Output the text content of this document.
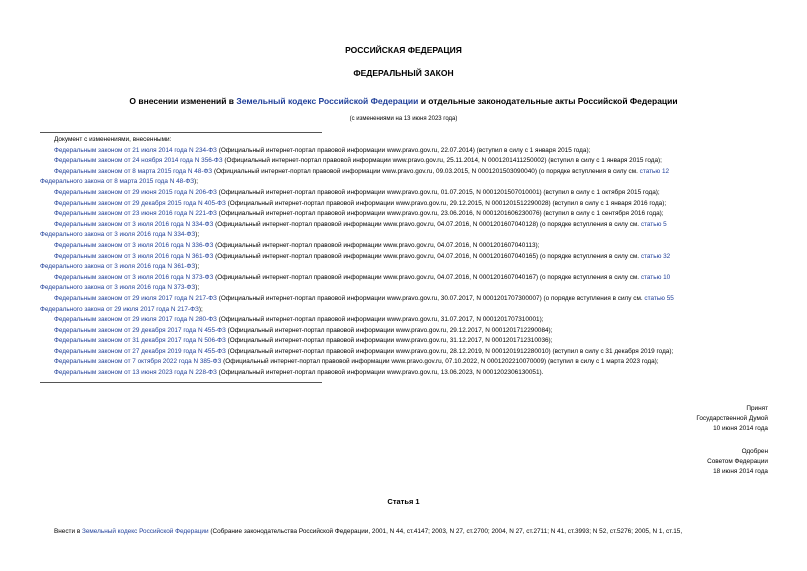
РОССИЙСКАЯ ФЕДЕРАЦИЯ
ФЕДЕРАЛЬНЫЙ ЗАКОН
О внесении изменений в Земельный кодекс Российской Федерации и отдельные законодательные акты Российской Федерации
(с изменениями на 13 июня 2023 года)
Документ с изменениями, внесенными:
Федеральным законом от 21 июля 2014 года N 234-ФЗ (Официальный интернет-портал правовой информации www.pravo.gov.ru, 22.07.2014) (вступил в силу с 1 января 2015 года);
Федеральным законом от 24 ноября 2014 года N 356-ФЗ (Официальный интернет-портал правовой информации www.pravo.gov.ru, 25.11.2014, N 0001201411250002) (вступил в силу с 1 января 2015 года);
Федеральным законом от 8 марта 2015 года N 48-ФЗ (Официальный интернет-портал правовой информации www.pravo.gov.ru, 09.03.2015, N 0001201503090040) (о порядке вступления в силу см. статью 12
Федерального закона от 8 марта 2015 года N 48-ФЗ);
Федеральным законом от 29 июня 2015 года N 206-ФЗ (Официальный интернет-портал правовой информации www.pravo.gov.ru, 01.07.2015, N 0001201507010001) (вступил в силу с 1 октября 2015 года);
Федеральным законом от 29 декабря 2015 года N 405-ФЗ (Официальный интернет-портал правовой информации www.pravo.gov.ru, 29.12.2015, N 0001201512290028) (вступил в силу с 1 января 2016 года);
Федеральным законом от 23 июня 2016 года N 221-ФЗ (Официальный интернет-портал правовой информации www.pravo.gov.ru, 23.06.2016, N 0001201606230076) (вступил в силу с 1 сентября 2016 года);
Федеральным законом от 3 июля 2016 года N 334-ФЗ (Официальный интернет-портал правовой информации www.pravo.gov.ru, 04.07.2016, N 0001201607040128) (о порядке вступления в силу см. статью 5
Федерального закона от 3 июля 2016 года N 334-ФЗ);
Федеральным законом от 3 июля 2016 года N 336-ФЗ (Официальный интернет-портал правовой информации www.pravo.gov.ru, 04.07.2016, N 0001201607040113);
Федеральным законом от 3 июля 2016 года N 361-ФЗ (Официальный интернет-портал правовой информации www.pravo.gov.ru, 04.07.2016, N 0001201607040165) (о порядке вступления в силу см. статью 32
Федерального закона от 3 июля 2016 года N 361-ФЗ);
Федеральным законом от 3 июля 2016 года N 373-ФЗ (Официальный интернет-портал правовой информации www.pravo.gov.ru, 04.07.2016, N 0001201607040167) (о порядке вступления в силу см. статью 10
Федерального закона от 3 июля 2016 года N 373-ФЗ);
Федеральным законом от 29 июля 2017 года N 217-ФЗ (Официальный интернет-портал правовой информации www.pravo.gov.ru, 30.07.2017, N 0001201707300007) (о порядке вступления в силу см. статью 55
Федерального закона от 29 июля 2017 года N 217-ФЗ);
Федеральным законом от 29 июля 2017 года N 280-ФЗ (Официальный интернет-портал правовой информации www.pravo.gov.ru, 31.07.2017, N 0001201707310001);
Федеральным законом от 29 декабря 2017 года N 455-ФЗ (Официальный интернет-портал правовой информации www.pravo.gov.ru, 29.12.2017, N 0001201712290084);
Федеральным законом от 31 декабря 2017 года N 506-ФЗ (Официальный интернет-портал правовой информации www.pravo.gov.ru, 31.12.2017, N 0001201712310036);
Федеральным законом от 27 декабря 2019 года N 455-ФЗ (Официальный интернет-портал правовой информации www.pravo.gov.ru, 28.12.2019, N 0001201912280010) (вступил в силу с 31 декабря 2019 года);
Федеральным законом от 7 октября 2022 года N 385-ФЗ (Официальный интернет-портал правовой информации www.pravo.gov.ru, 07.10.2022, N 0001202210070009) (вступил в силу с 1 марта 2023 года);
Федеральным законом от 13 июня 2023 года N 228-ФЗ (Официальный интернет-портал правовой информации www.pravo.gov.ru, 13.06.2023, N 0001202306130051).
Принят
Государственной Думой
10 июня 2014 года
Одобрен
Советом Федерации
18 июня 2014 года
Статья 1
Внести в Земельный кодекс Российской Федерации (Собрание законодательства Российской Федерации, 2001, N 44, ст.4147; 2003, N 27, ст.2700; 2004, N 27, ст.2711; N 41, ст.3993; N 52, ст.5276; 2005, N 1, ст.15,
